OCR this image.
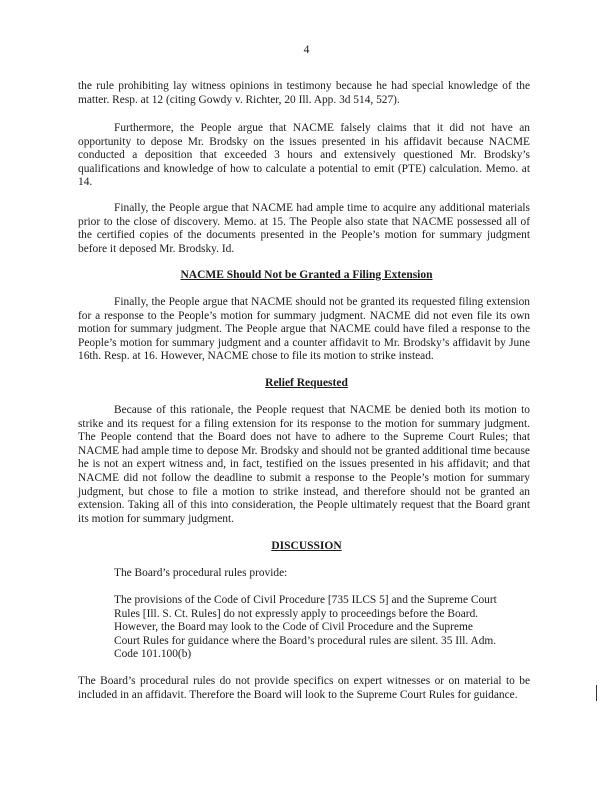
4

the rule prohibiting lay witness opinions in testimony because he had special knowledge of the matter. Resp. at 12 (citing Gowdy v. Richter, 20 Ill. App. 3d 514, 527).

Furthermore, the People argue that NACME falsely claims that it did not have an opportunity to depose Mr. Brodsky on the issues presented in his affidavit because NACME conducted a deposition that exceeded 3 hours and extensively questioned Mr. Brodsky’s qualifications and knowledge of how to calculate a potential to emit (PTE) calculation. Memo. at 14.

Finally, the People argue that NACME had ample time to acquire any additional materials prior to the close of discovery. Memo. at 15. The People also state that NACME possessed all of the certified copies of the documents presented in the People’s motion for summary judgment before it deposed Mr. Brodsky. Id.

NACME Should Not be Granted a Filing Extension

Finally, the People argue that NACME should not be granted its requested filing extension for a response to the People’s motion for summary judgment. NACME did not even file its own motion for summary judgment. The People argue that NACME could have filed a response to the People’s motion for summary judgment and a counter affidavit to Mr. Brodsky’s affidavit by June 16th. Resp. at 16. However, NACME chose to file its motion to strike instead.

Relief Requested

Because of this rationale, the People request that NACME be denied both its motion to strike and its request for a filing extension for its response to the motion for summary judgment. The People contend that the Board does not have to adhere to the Supreme Court Rules; that NACME had ample time to depose Mr. Brodsky and should not be granted additional time because he is not an expert witness and, in fact, testified on the issues presented in his affidavit; and that NACME did not follow the deadline to submit a response to the People’s motion for summary judgment, but chose to file a motion to strike instead, and therefore should not be granted an extension. Taking all of this into consideration, the People ultimately request that the Board grant its motion for summary judgment.

DISCUSSION

The Board’s procedural rules provide:

The provisions of the Code of Civil Procedure [735 ILCS 5] and the Supreme Court Rules [Ill. S. Ct. Rules] do not expressly apply to proceedings before the Board. However, the Board may look to the Code of Civil Procedure and the Supreme Court Rules for guidance where the Board’s procedural rules are silent. 35 Ill. Adm. Code 101.100(b)

The Board’s procedural rules do not provide specifics on expert witnesses or on material to be included in an affidavit. Therefore the Board will look to the Supreme Court Rules for guidance.
